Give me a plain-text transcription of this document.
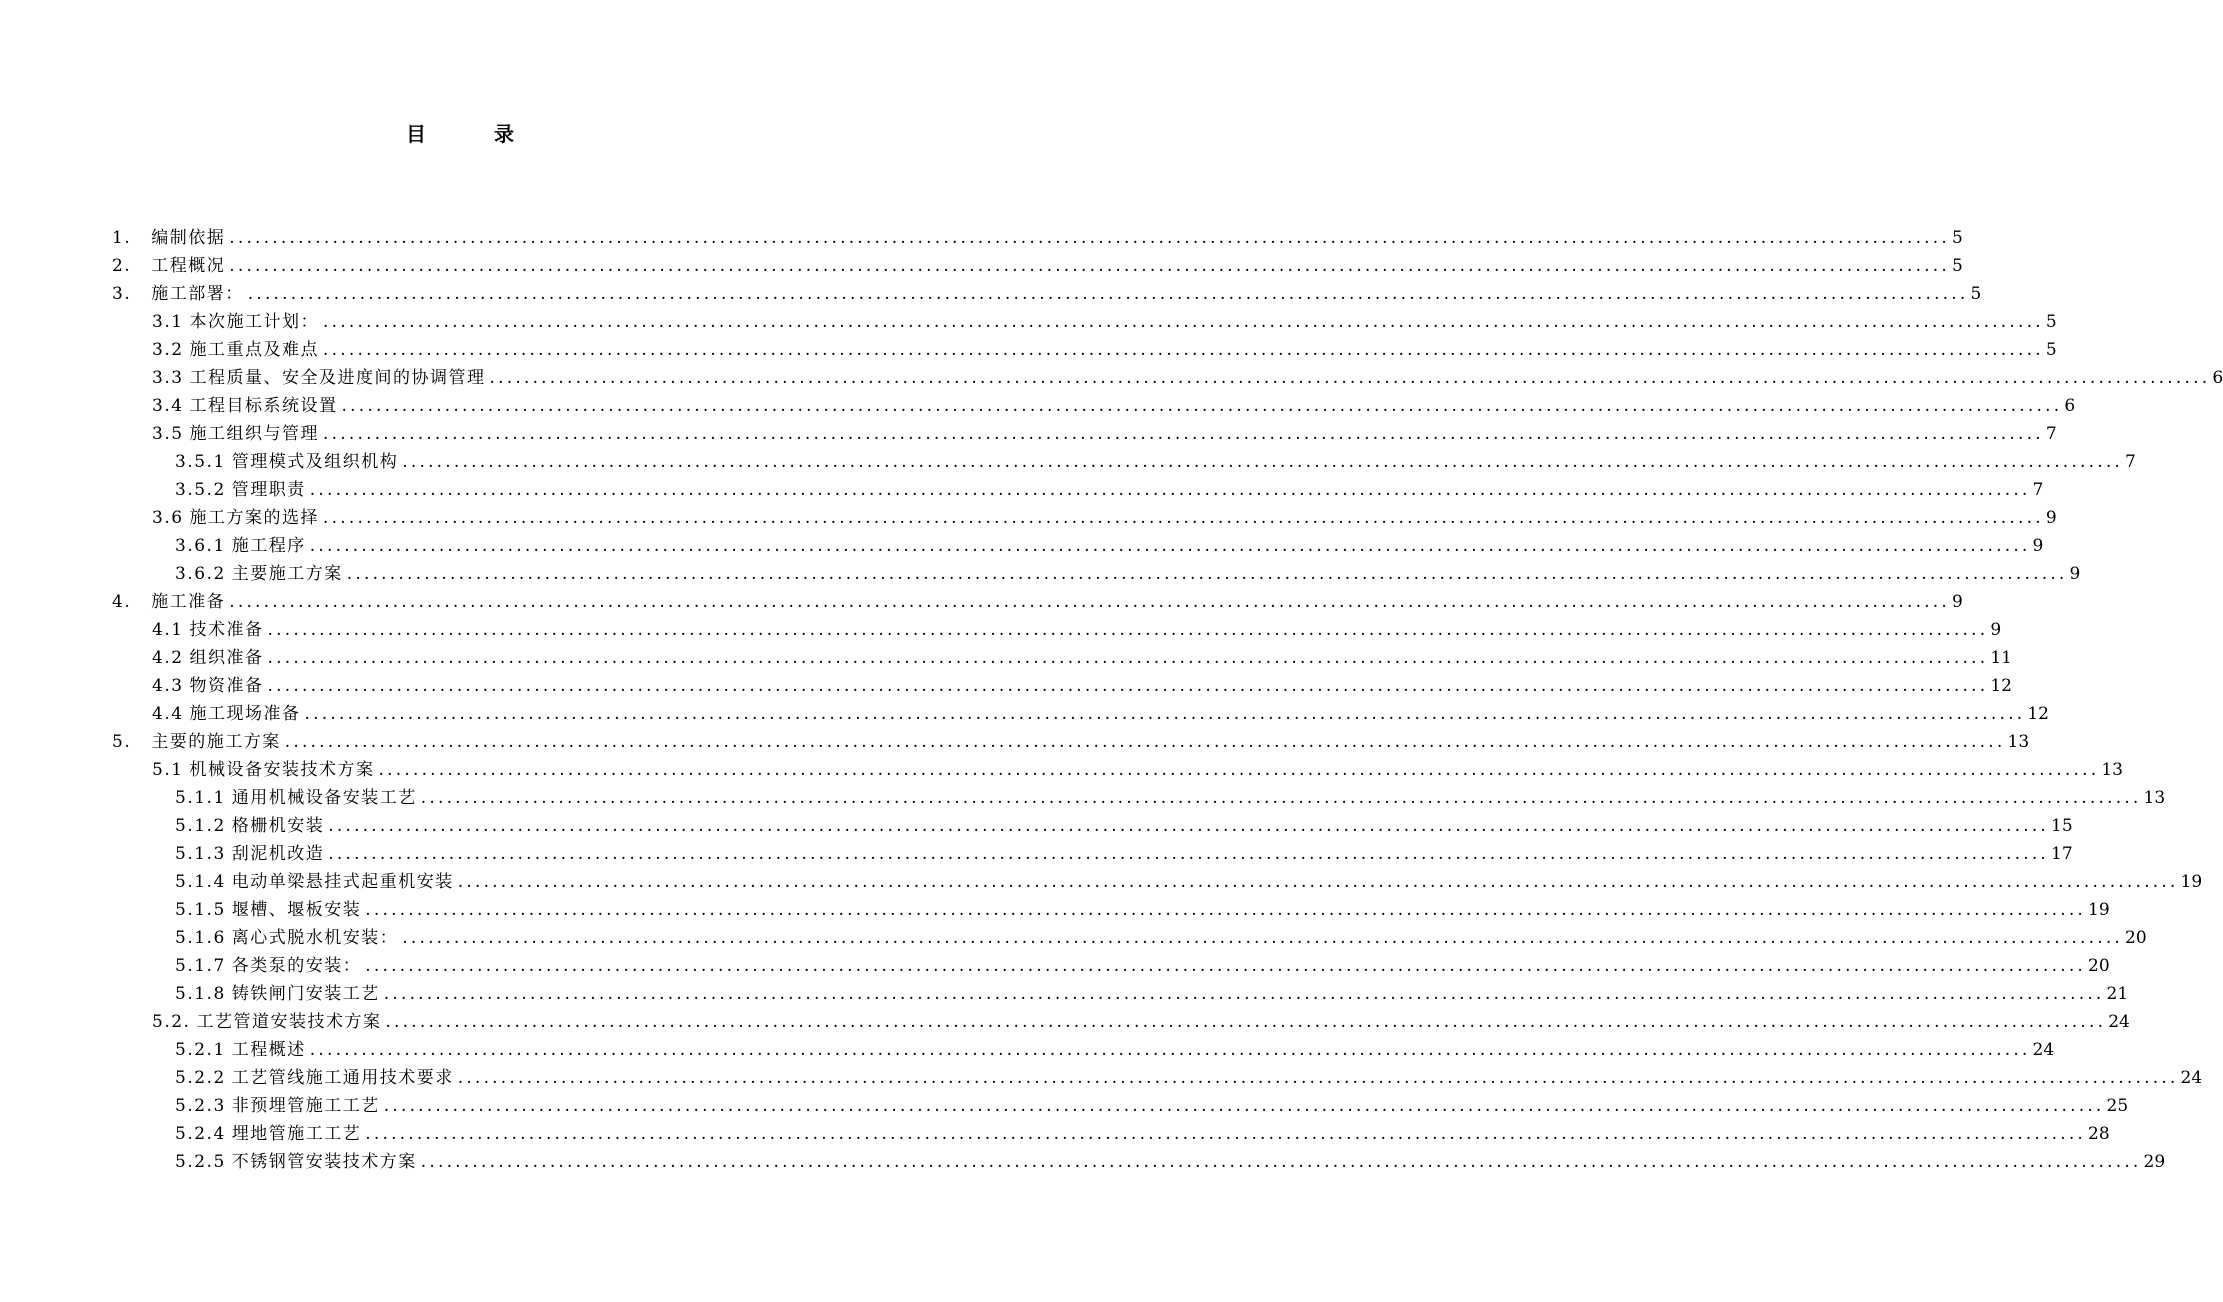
目	录
1. 编制依据 ........................................................................................................................................................................................................ 5
2. 工程概况 ........................................................................................................................................................................................................ 5
3. 施工部署： ........................................................................................................................................................................................................ 5
3.1 本次施工计划： ........................................................................................................................................................................................................ 5
3.2 施工重点及难点 ........................................................................................................................................................................................................ 5
3.3 工程质量、安全及进度间的协调管理 ........................................................................................................................................................................................................ 6
3.4 工程目标系统设置 ........................................................................................................................................................................................................ 6
3.5 施工组织与管理 ........................................................................................................................................................................................................ 7
3.5.1 管理模式及组织机构 ........................................................................................................................................................................................................ 7
3.5.2 管理职责 ........................................................................................................................................................................................................ 7
3.6 施工方案的选择 ........................................................................................................................................................................................................ 9
3.6.1 施工程序 ........................................................................................................................................................................................................ 9
3.6.2 主要施工方案 ........................................................................................................................................................................................................ 9
4. 施工准备 ........................................................................................................................................................................................................ 9
4.1 技术准备 ........................................................................................................................................................................................................ 9
4.2 组织准备 ........................................................................................................................................................................................................ 11
4.3 物资准备 ........................................................................................................................................................................................................ 12
4.4 施工现场准备 ........................................................................................................................................................................................................ 12
5. 主要的施工方案 ........................................................................................................................................................................................................ 13
5.1 机械设备安装技术方案 ........................................................................................................................................................................................................ 13
5.1.1 通用机械设备安装工艺 ........................................................................................................................................................................................................ 13
5.1.2 格栅机安装 ........................................................................................................................................................................................................ 15
5.1.3 刮泥机改造 ........................................................................................................................................................................................................ 17
5.1.4 电动单梁悬挂式起重机安装 ........................................................................................................................................................................................................ 19
5.1.5 堰槽、堰板安装 ........................................................................................................................................................................................................ 19
5.1.6 离心式脱水机安装： ........................................................................................................................................................................................................ 20
5.1.7 各类泵的安装： ........................................................................................................................................................................................................ 20
5.1.8 铸铁闸门安装工艺 ........................................................................................................................................................................................................ 21
5.2. 工艺管道安装技术方案 ........................................................................................................................................................................................................ 24
5.2.1 工程概述 ........................................................................................................................................................................................................ 24
5.2.2 工艺管线施工通用技术要求 ........................................................................................................................................................................................................ 24
5.2.3 非预埋管施工工艺 ........................................................................................................................................................................................................ 25
5.2.4 埋地管施工工艺 ........................................................................................................................................................................................................ 28
5.2.5 不锈钢管安装技术方案 ........................................................................................................................................................................................................ 29
